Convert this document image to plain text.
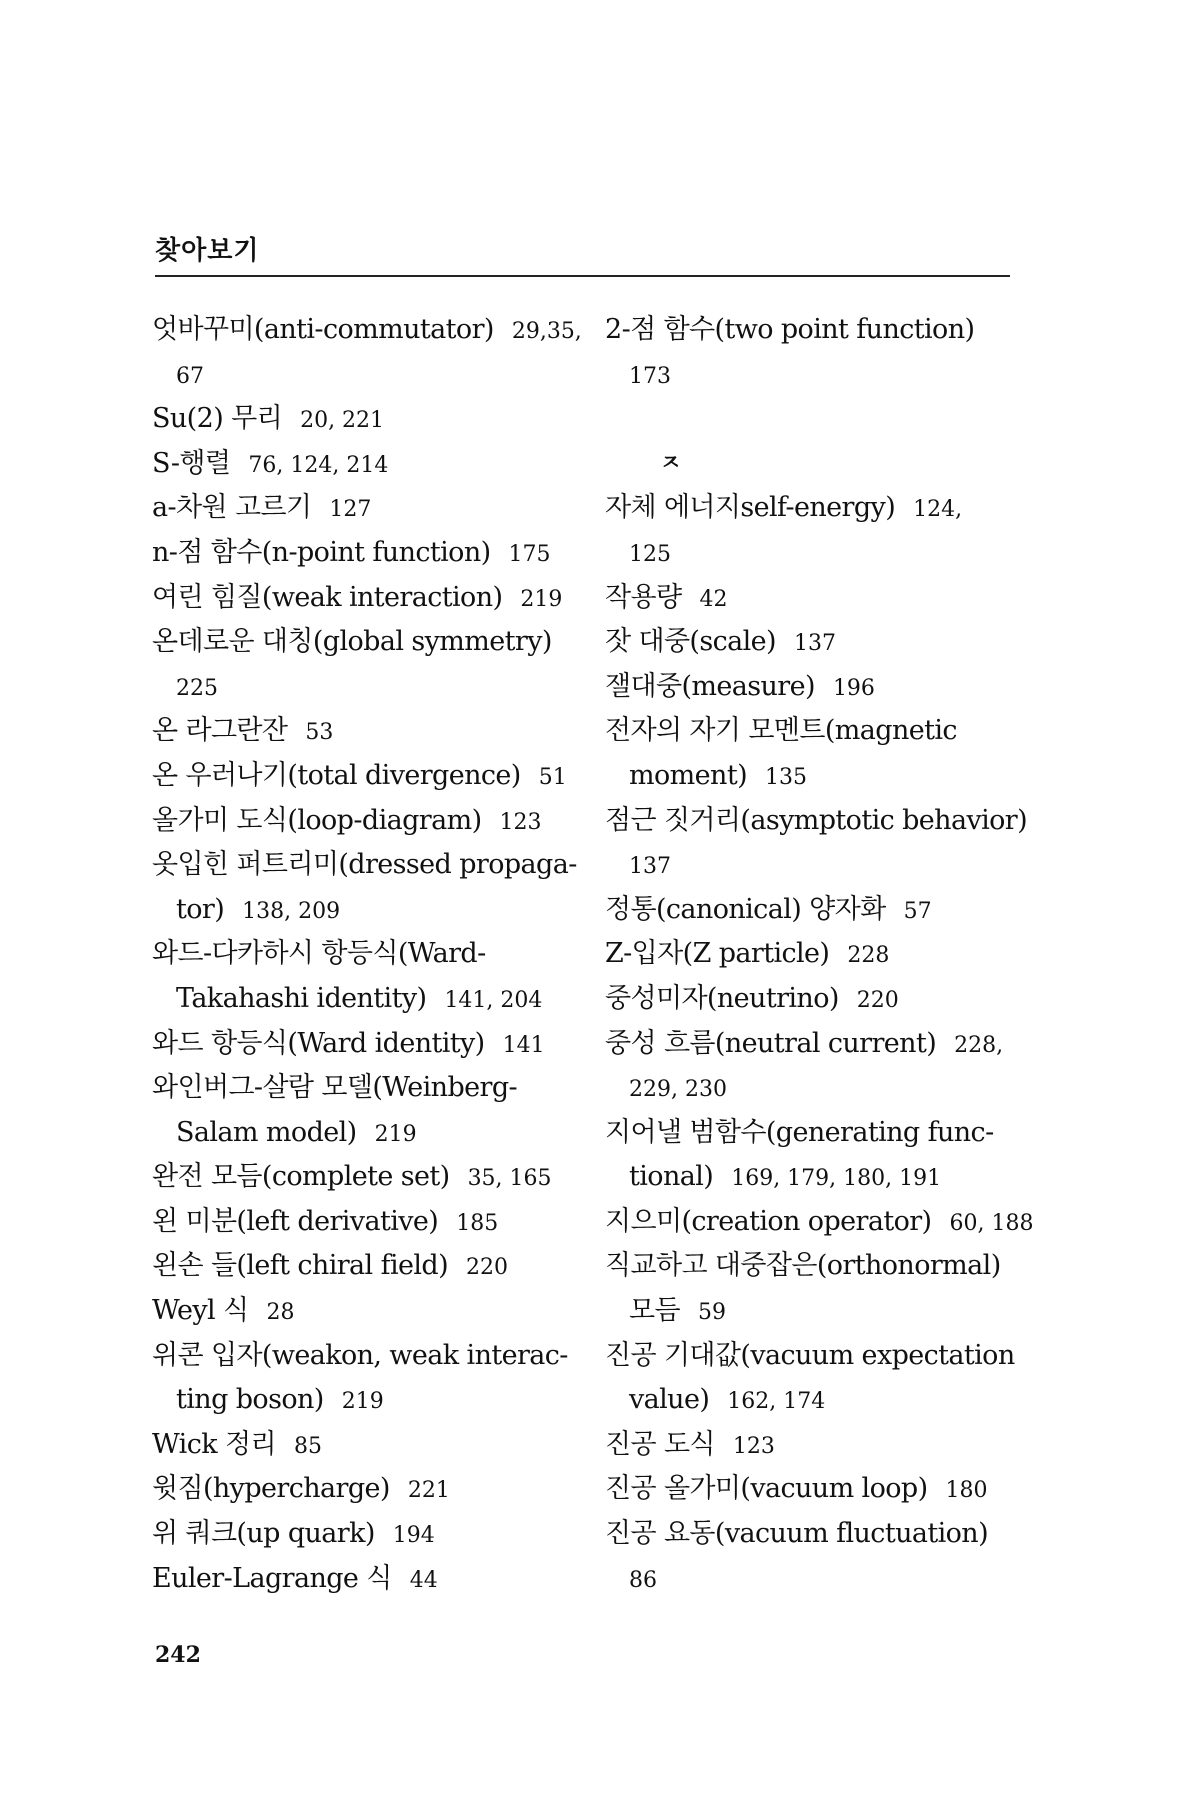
찾아보기
엇바꾸미(anti-commutator) 29,35,
67
Su(2) 무리 20, 221
S-행렬 76, 124, 214
a-차원 고르기 127
n-점 함수(n-point function) 175
여린 힘질(weak interaction) 219
온데로운 대칭(global symmetry)
225
온 라그란잔 53
온 우러나기(total divergence) 51
올가미 도식(loop-diagram) 123
옷입힌 퍼트리미(dressed propaga-
tor) 138, 209
와드-다카하시 항등식(Ward-
Takahashi identity) 141, 204
와드 항등식(Ward identity) 141
와인버그-살람 모델(Weinberg-
Salam model) 219
완전 모듬(complete set) 35, 165
왼 미분(left derivative) 185
왼손 들(left chiral field) 220
Weyl 식 28
위콘 입자(weakon, weak interac-
ting boson) 219
Wick 정리 85
윗짐(hypercharge) 221
위 쿼크(up quark) 194
Euler-Lagrange 식 44
2-점 함수(two point function)
173
ㅈ
자체 에너지self-energy) 124,
125
작용량 42
잣 대중(scale) 137
잴대중(measure) 196
전자의 자기 모멘트(magnetic
moment) 135
점근 짓거리(asymptotic behavior)
137
정통(canonical) 양자화 57
Z-입자(Z particle) 228
중성미자(neutrino) 220
중성 흐름(neutral current) 228,
229, 230
지어낼 범함수(generating func-
tional) 169, 179, 180, 191
지으미(creation operator) 60, 188
직교하고 대중잡은(orthonormal)
모듬 59
진공 기대값(vacuum expectation
value) 162, 174
진공 도식 123
진공 올가미(vacuum loop) 180
진공 요동(vacuum fluctuation)
86
242
